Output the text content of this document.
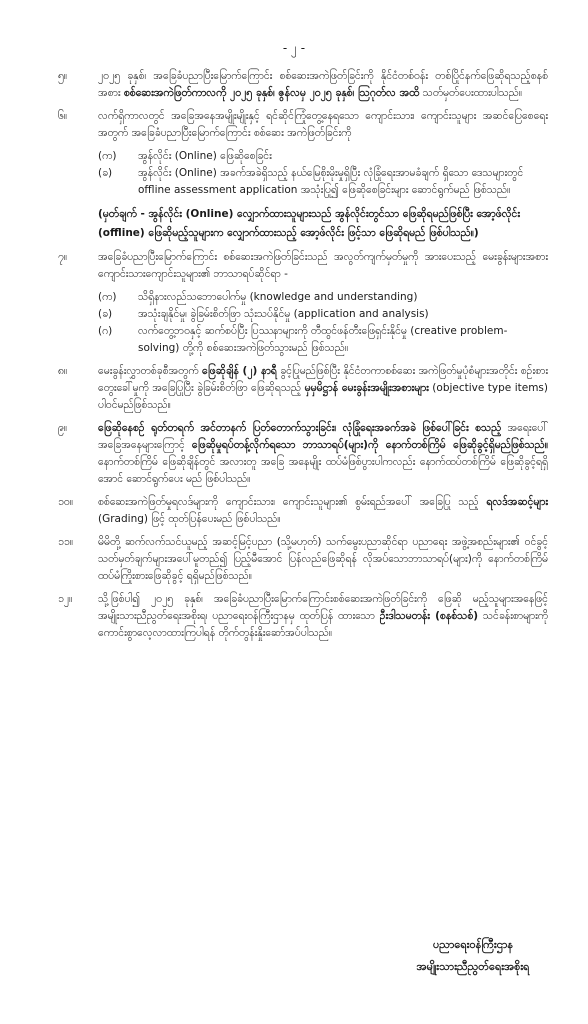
- ၂ -
၅။	၂၀၂၅ ခုနှစ်၊ အခြေခံပညာပြီးမြောက်ကြောင်း စစ်ဆေးအကဲဖြတ်ခြင်းကို နိုင်ငံတစ်ဝန်း တစ်ပြိုင်နက်ဖြေဆိုရသည့်စနစ်အစား စစ်ဆေးအကဲဖြတ်ကာလကို ၂၀၂၅ ခုနှစ်၊ ဇွန်လမှ ၂၀၂၅ ခုနှစ်၊ ဩဂုတ်လ အထိ သတ်မှတ်ပေးထားပါသည်။
၆။	လက်ရှိကာလတွင် အခြေအနေအမျိုးမျိုးနှင့် ရင်ဆိုင်ကြုံတွေ့နေရသော ကျောင်းသား၊ ကျောင်းသူများ အဆင်ပြေစေရေးအတွက် အခြေခံပညာပြီးမြောက်ကြောင်း စစ်ဆေး အကဲဖြတ်ခြင်းကို
(က) အွန်လိုင်း (Online) ဖြေဆိုစေခြင်း
(ခ) အွန်လိုင်း (Online) အခက်အခဲရှိသည့် နယ်မြေစိုးမိုးမှုရှိပြီး လုံခြုံရေးအာမခံချက် ရှိသော ဒေသများတွင် offline assessment application အသုံးပြု၍ ဖြေဆိုစေခြင်းများ ဆောင်ရွက်မည် ဖြစ်သည်။
(မှတ်ချက် - အွန်လိုင်း (Online) လျှောက်ထားသူများသည် အွန်လိုင်းတွင်သာ ဖြေဆိုရမည်ဖြစ်ပြီး အော့ဖ်လိုင်း (offline) ဖြေဆိုမည့်သူများက လျှောက်ထားသည့် အော့ဖ်လိုင်း ဖြင့်သာ ဖြေဆိုရမည် ဖြစ်ပါသည်။)
၇။	အခြေခံပညာပြီးမြောက်ကြောင်း စစ်ဆေးအကဲဖြတ်ခြင်းသည် အလွတ်ကျက်မှတ်မှုကို အားပေးသည့် မေးခွန်းများအစား ကျောင်းသားကျောင်းသူများ၏ ဘာသာရပ်ဆိုင်ရာ -
(က) သိရှိနားလည်သဘောပေါက်မှု (knowledge and understanding)
(ခ) အသုံးချနိုင်မှု၊ ခွဲခြမ်းစိတ်ဖြာ သုံးသပ်နိုင်မှု (application and analysis)
(ဂ) လက်တွေ့ဘဝနှင့် ဆက်စပ်ပြီး ပြဿနာများကို တီထွင်ဖန်တီးဖြေရှင်းနိုင်မှု (creative problem-solving) တို့ကို စစ်ဆေးအကဲဖြတ်သွားမည် ဖြစ်သည်။
၈။	မေးခွန်းလွှာတစ်ခုစီအတွက် ဖြေဆိုချိန် (၂) နာရီ ခွင့်ပြုမည်ဖြစ်ပြီး နိုင်ငံတကာစစ်ဆေး အကဲဖြတ်မှုပုံစံများအတိုင်း စဉ်းစားတွေးခေါ်မှုကို အခြေပြုပြီး ခွဲခြမ်းစိတ်ဖြာ ဖြေဆိုရသည့် မှမှမိဋ္ဌာန် မေးခွန်းအမျိုးအစားများ (objective type items) ပါဝင်မည်ဖြစ်သည်။
၉။	ဖြေဆိုနေစဉ် ရုတ်တရက် အင်တာနက် ပြတ်တောက်သွားခြင်း၊ လုံခြုံရေးအခက်အခဲ ဖြစ်ပေါ်ခြင်း စသည့် အရေးပေါ်အခြေအနေများကြောင့် ဖြေဆိုမှုရပ်တန့်လိုက်ရသော ဘာသာရပ်(များ)ကို နောက်တစ်ကြိမ် ဖြေဆိုခွင့်ရှိမည်ဖြစ်သည်။ နောက်တစ်ကြိမ် ဖြေဆိုချိန်တွင် အလားတူ အခြေ အနေမျိုး ထပ်မံဖြစ်ပွားပါကလည်း နောက်ထပ်တစ်ကြိမ် ဖြေဆိုခွင့်ရရှိအောင် ဆောင်ရွက်ပေး မည် ဖြစ်ပါသည်။
၁၀။ စစ်ဆေးအကဲဖြတ်မှုရလဒ်များကို ကျောင်းသား၊ ကျောင်းသူများ၏ စွမ်းရည်အပေါ် အခြေပြု သည့် ရလဒ်အဆင့်များ (Grading) ဖြင့် ထုတ်ပြန်ပေးမည် ဖြစ်ပါသည်။
၁၁။ မိမိတို့ ဆက်လက်သင်ယူမည့် အဆင့်မြင့်ပညာ (သို့မဟုတ်) သက်မွေးပညာဆိုင်ရာ ပညာရေး အဖွဲ့အစည်းများ၏ ဝင်ခွင့်သတ်မှတ်ချက်များအပေါ်မူတည်၍ ပြည့်မီအောင် ပြန်လည်ဖြေဆိုရန် လိုအပ်သောဘာသာရပ်(များ)ကို နောက်တစ်ကြိမ် ထပ်မံကြိုးစားဖြေဆိုခွင့် ရရှိမည်ဖြစ်သည်။
၁၂။ သို့ဖြစ်ပါ၍ ၂၀၂၅ ခုနှစ်၊ အခြေခံပညာပြီးမြောက်ကြောင်းစစ်ဆေးအကဲဖြတ်ခြင်းကို ဖြေဆို မည့်သူများအနေဖြင့် အမျိုးသားညီညွတ်ရေးအစိုးရ၊ ပညာရေးဝန်ကြီးဌာနမှ ထုတ်ပြန် ထားသော ဦးဒါသမတန်း (စနစ်သစ်) သင်ခန်းစာများကို ကောင်းစွာလေ့လာထားကြပါရန် တိုက်တွန်းနှိုးဆော်အပ်ပါသည်။
ပညာရေးဝန်ကြီးဌာန
အမျိုးသားညီညွတ်ရေးအစိုးရ
